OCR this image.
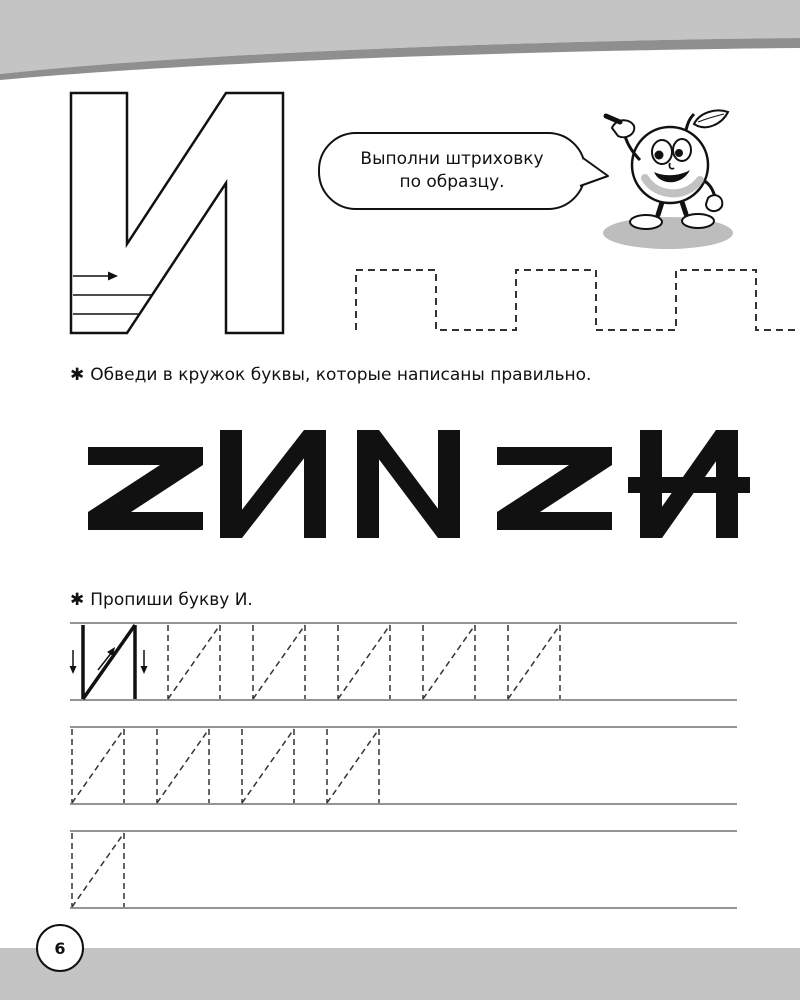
Выполни штриховку
по образцу.
✱ Обведи в кружок буквы, которые написаны правильно.
✱ Пропиши букву И.
6
